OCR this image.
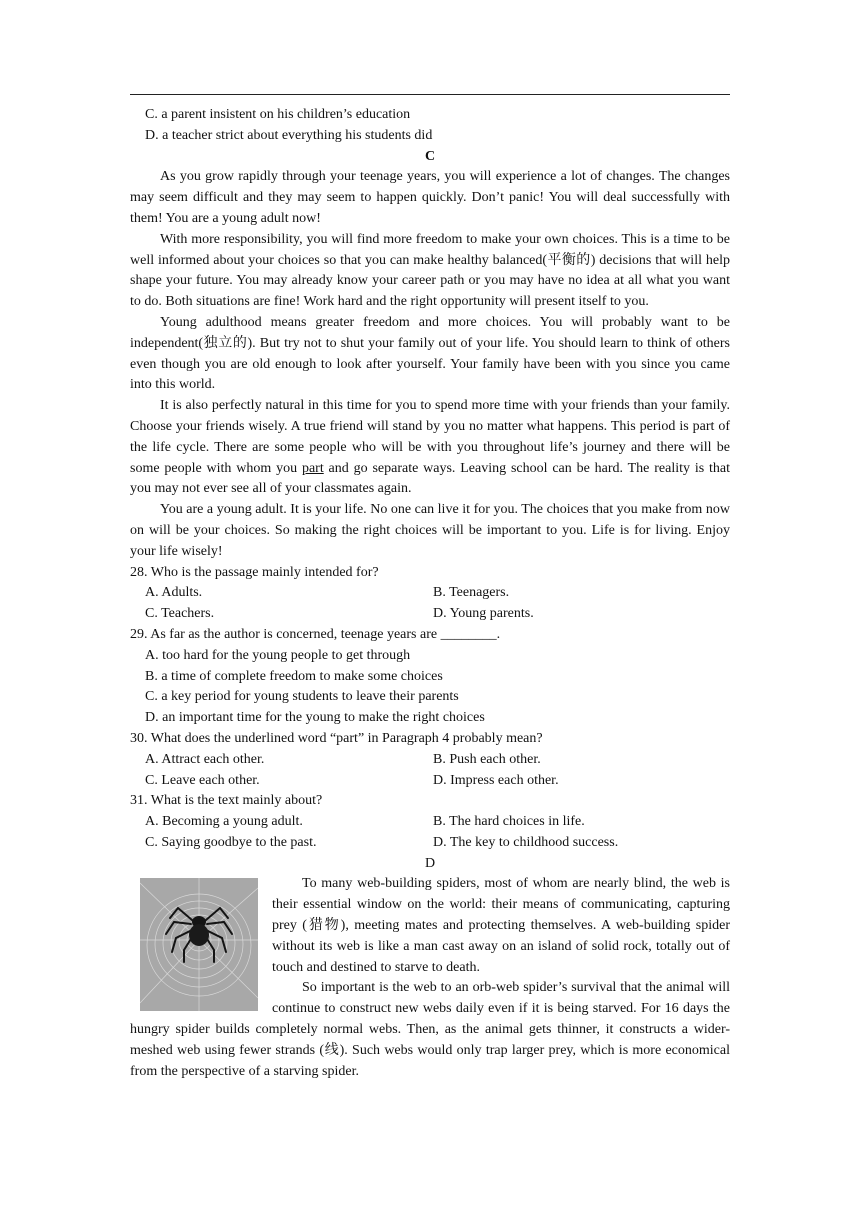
C. a parent insistent on his children’s education

D. a teacher strict about everything his students did

C

As you grow rapidly through your teenage years, you will experience a lot of changes. The changes may seem difficult and they may seem to happen quickly. Don’t panic! You will deal successfully with them! You are a young adult now!

With more responsibility, you will find more freedom to make your own choices. This is a time to be well informed about your choices so that you can make healthy balanced(平衡的) decisions that will help shape your future. You may already know your career path or you may have no idea at all what you want to do. Both situations are fine! Work hard and the right opportunity will present itself to you.

Young adulthood means greater freedom and more choices. You will probably want to be independent(独立的). But try not to shut your family out of your life. You should learn to think of others even though you are old enough to look after yourself. Your family have been with you since you came into this world.

It is also perfectly natural in this time for you to spend more time with your friends than your family. Choose your friends wisely. A true friend will stand by you no matter what happens. This period is part of the life cycle. There are some people who will be with you throughout life’s journey and there will be some people with whom you part and go separate ways. Leaving school can be hard. The reality is that you may not ever see all of your classmates again.

You are a young adult. It is your life. No one can live it for you. The choices that you make from now on will be your choices. So making the right choices will be important to you. Life is for living. Enjoy your life wisely!

28. Who is the passage mainly intended for?

A. Adults.	B. Teenagers.
C. Teachers.	D. Young parents.

29. As far as the author is concerned, teenage years are ________.

A. too hard for the young people to get through

B. a time of complete freedom to make some choices

C. a key period for young students to leave their parents

D. an important time for the young to make the right choices

30. What does the underlined word “part” in Paragraph 4 probably mean?

A. Attract each other.	B. Push each other.
C. Leave each other.	D. Impress each other.

31. What is the text mainly about?

A. Becoming a young adult.	B. The hard choices in life.
C. Saying goodbye to the past.	D. The key to childhood success.

D

To many web-building spiders, most of whom are nearly blind, the web is their essential window on the world: their means of communicating, capturing prey (猎物), meeting mates and protecting themselves. A web-building spider without its web is like a man cast away on an island of solid rock, totally out of touch and destined to starve to death.

So important is the web to an orb-web spider’s survival that the animal will continue to construct new webs daily even if it is being starved. For 16 days the hungry spider builds completely normal webs. Then, as the animal gets thinner, it constructs a wider-meshed web using fewer strands (线). Such webs would only trap larger prey, which is more economical from the perspective of a starving spider.
